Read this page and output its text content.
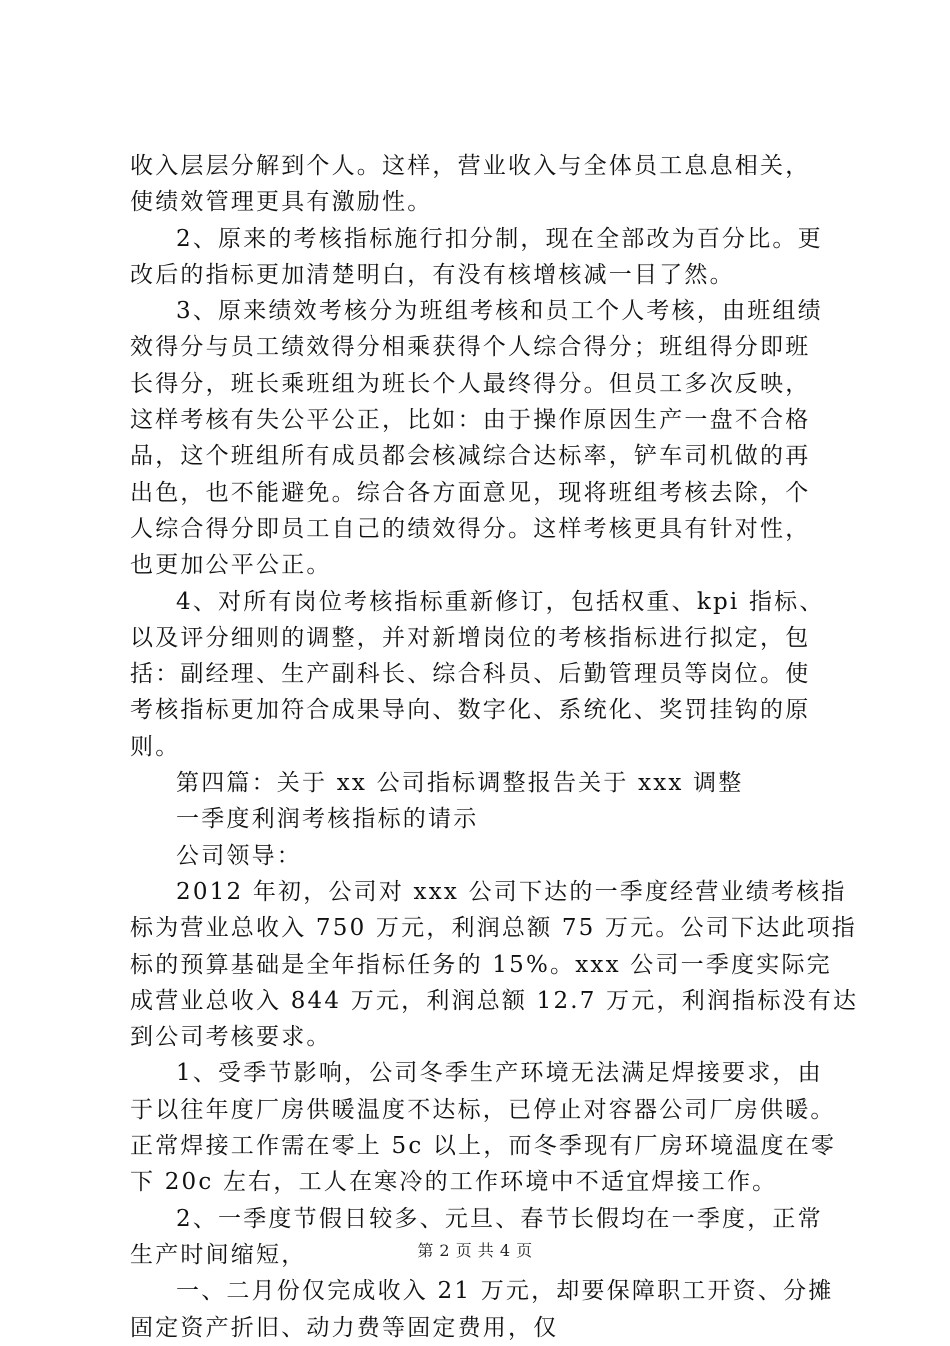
收入层层分解到个人。这样，营业收入与全体员工息息相关，
使绩效管理更具有激励性。
2、原来的考核指标施行扣分制，现在全部改为百分比。更
改后的指标更加清楚明白，有没有核增核减一目了然。
3、原来绩效考核分为班组考核和员工个人考核，由班组绩
效得分与员工绩效得分相乘获得个人综合得分；班组得分即班
长得分，班长乘班组为班长个人最终得分。但员工多次反映，
这样考核有失公平公正，比如：由于操作原因生产一盘不合格
品，这个班组所有成员都会核减综合达标率，铲车司机做的再
出色，也不能避免。综合各方面意见，现将班组考核去除，个
人综合得分即员工自己的绩效得分。这样考核更具有针对性，
也更加公平公正。
4、对所有岗位考核指标重新修订，包括权重、kpi 指标、
以及评分细则的调整，并对新增岗位的考核指标进行拟定，包
括：副经理、生产副科长、综合科员、后勤管理员等岗位。使
考核指标更加符合成果导向、数字化、系统化、奖罚挂钩的原
则。
第四篇：关于 xx 公司指标调整报告关于 xxx 调整
一季度利润考核指标的请示
公司领导：
2012 年初，公司对 xxx 公司下达的一季度经营业绩考核指
标为营业总收入 750 万元，利润总额 75 万元。公司下达此项指
标的预算基础是全年指标任务的 15%。xxx 公司一季度实际完
成营业总收入 844 万元，利润总额 12.7 万元，利润指标没有达
到公司考核要求。
1、受季节影响，公司冬季生产环境无法满足焊接要求，由
于以往年度厂房供暖温度不达标，已停止对容器公司厂房供暖。
正常焊接工作需在零上 5c 以上，而冬季现有厂房环境温度在零
下 20c 左右，工人在寒冷的工作环境中不适宜焊接工作。
2、一季度节假日较多、元旦、春节长假均在一季度，正常
生产时间缩短，
一、二月份仅完成收入 21 万元，却要保障职工开资、分摊
固定资产折旧、动力费等固定费用，仅
第 2 页 共 4 页
